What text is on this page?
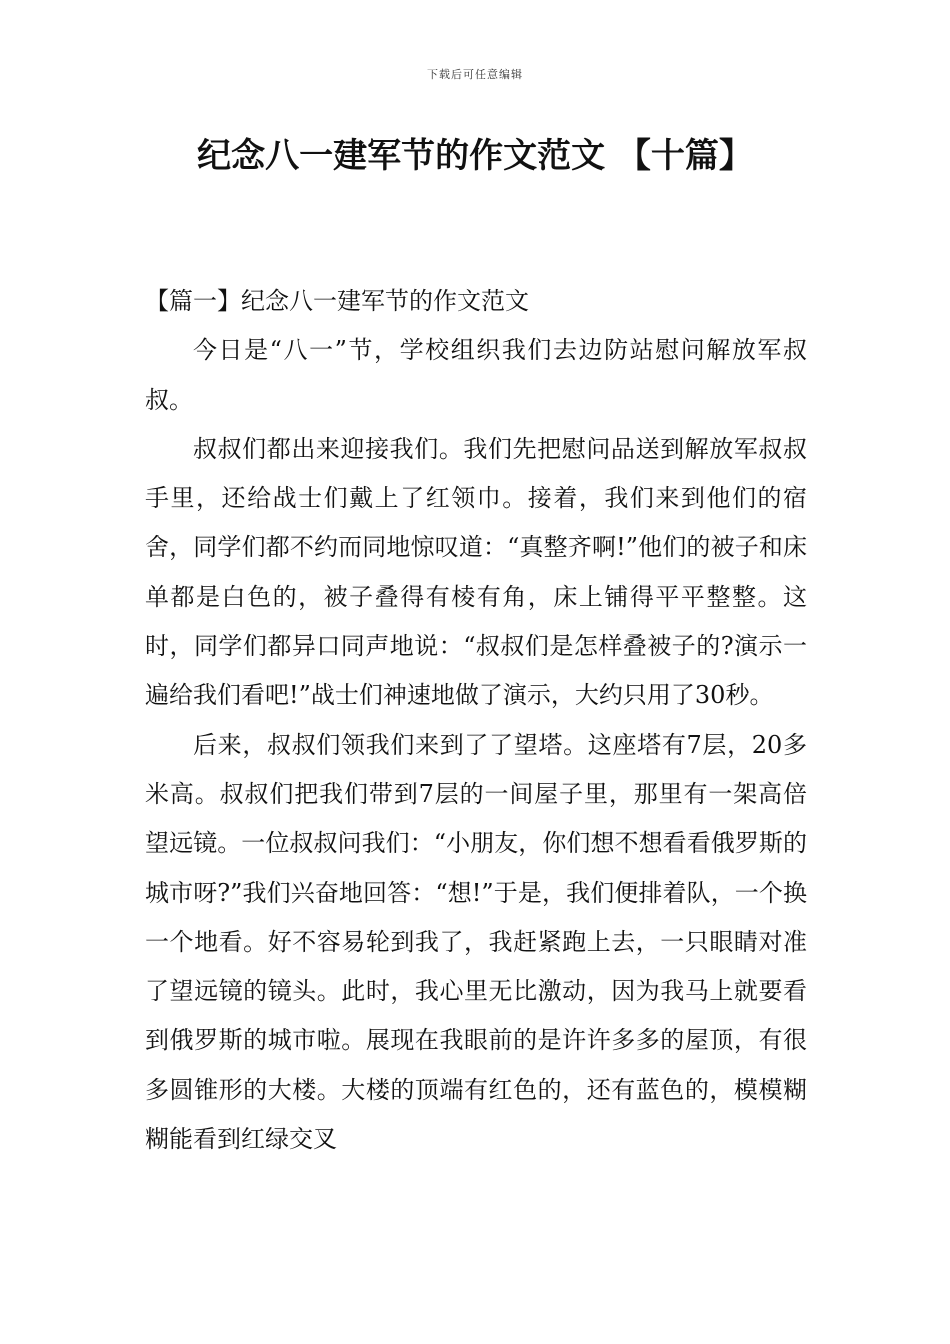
下载后可任意编辑
纪念八一建军节的作文范文 【十篇】

【篇一】纪念八一建军节的作文范文

今日是“八一”节，学校组织我们去边防站慰问解放军叔叔。

叔叔们都出来迎接我们。我们先把慰问品送到解放军叔叔手里，还给战士们戴上了红领巾。接着，我们来到他们的宿舍，同学们都不约而同地惊叹道：“真整齐啊!”他们的被子和床单都是白色的，被子叠得有棱有角，床上铺得平平整整。这时，同学们都异口同声地说：“叔叔们是怎样叠被子的?演示一遍给我们看吧!”战士们神速地做了演示，大约只用了30秒。

后来，叔叔们领我们来到了了望塔。这座塔有7层，20多米高。叔叔们把我们带到7层的一间屋子里，那里有一架高倍望远镜。一位叔叔问我们：“小朋友，你们想不想看看俄罗斯的城市呀?”我们兴奋地回答：“想!”于是，我们便排着队，一个换一个地看。好不容易轮到我了，我赶紧跑上去，一只眼睛对准了望远镜的镜头。此时，我心里无比激动，因为我马上就要看到俄罗斯的城市啦。展现在我眼前的是许许多多的屋顶，有很多圆锥形的大楼。大楼的顶端有红色的，还有蓝色的，模模糊糊能看到红绿交叉
